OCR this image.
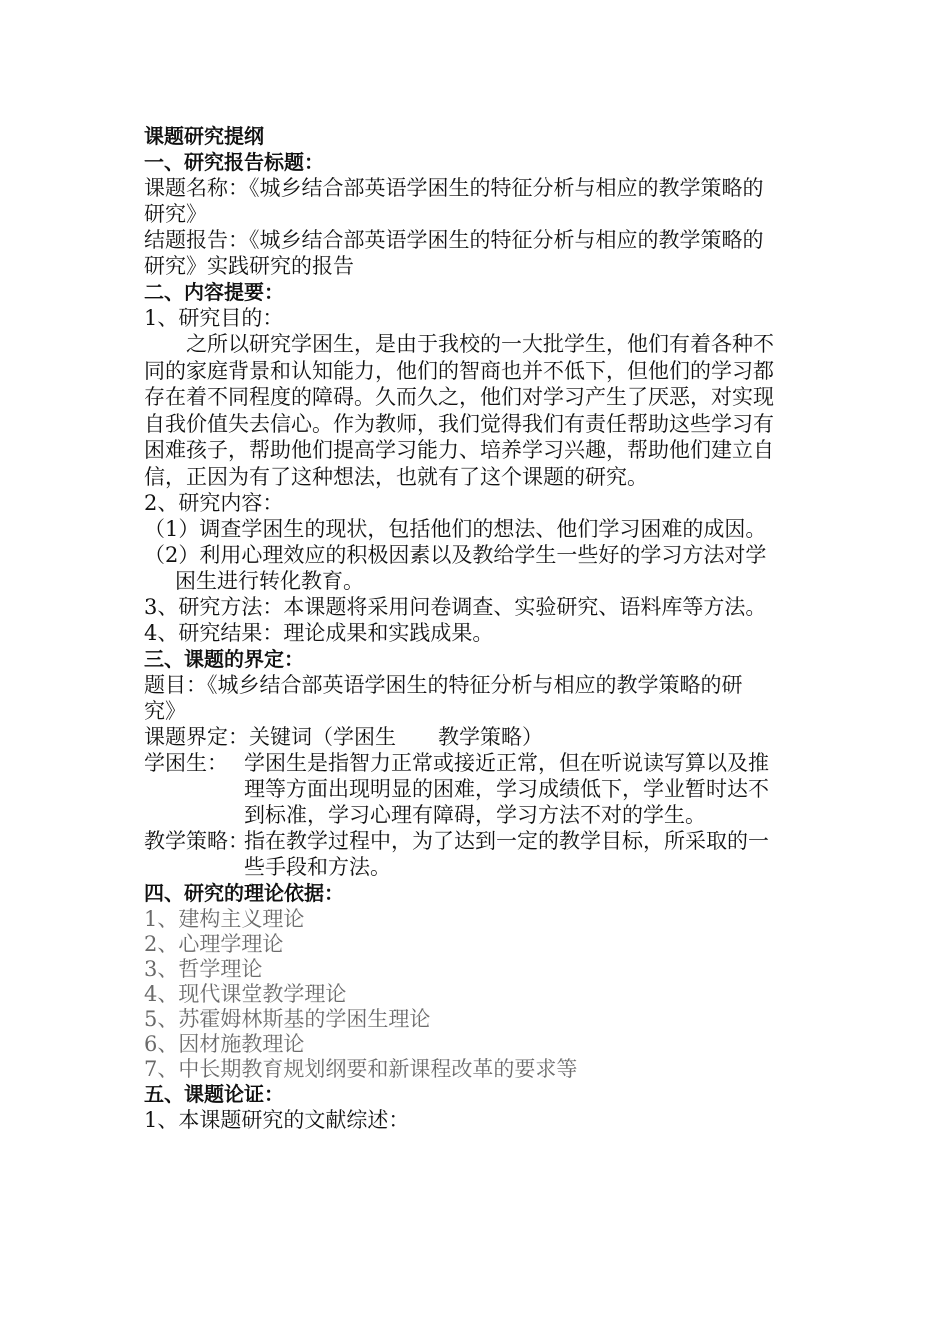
课题研究提纲
一、研究报告标题：
课题名称：《城乡结合部英语学困生的特征分析与相应的教学策略的
研究》
结题报告：《城乡结合部英语学困生的特征分析与相应的教学策略的
研究》实践研究的报告
二、内容提要：
1、研究目的：
　　之所以研究学困生，是由于我校的一大批学生，他们有着各种不
同的家庭背景和认知能力，他们的智商也并不低下，但他们的学习都
存在着不同程度的障碍。久而久之，他们对学习产生了厌恶，对实现
自我价值失去信心。作为教师，我们觉得我们有责任帮助这些学习有
困难孩子，帮助他们提高学习能力、培养学习兴趣，帮助他们建立自
信，正因为有了这种想法，也就有了这个课题的研究。
2、研究内容：
（1）调查学困生的现状，包括他们的想法、他们学习困难的成因。
（2）利用心理效应的积极因素以及教给学生一些好的学习方法对学
困生进行转化教育。
3、研究方法：本课题将采用问卷调查、实验研究、语料库等方法。
4、研究结果：理论成果和实践成果。
三、课题的界定：
题目：《城乡结合部英语学困生的特征分析与相应的教学策略的研
究》
课题界定：关键词（学困生　　教学策略）
学困生： 学困生是指智力正常或接近正常，但在听说读写算以及推
理等方面出现明显的困难，学习成绩低下，学业暂时达不
到标准，学习心理有障碍，学习方法不对的学生。
教学策略：
指在教学过程中，为了达到一定的教学目标，所采取的一
些手段和方法。
四、研究的理论依据：
1、建构主义理论
2、心理学理论
3、哲学理论
4、现代课堂教学理论
5、苏霍姆林斯基的学困生理论
6、因材施教理论
7、中长期教育规划纲要和新课程改革的要求等
五、课题论证：
1、本课题研究的文献综述：
